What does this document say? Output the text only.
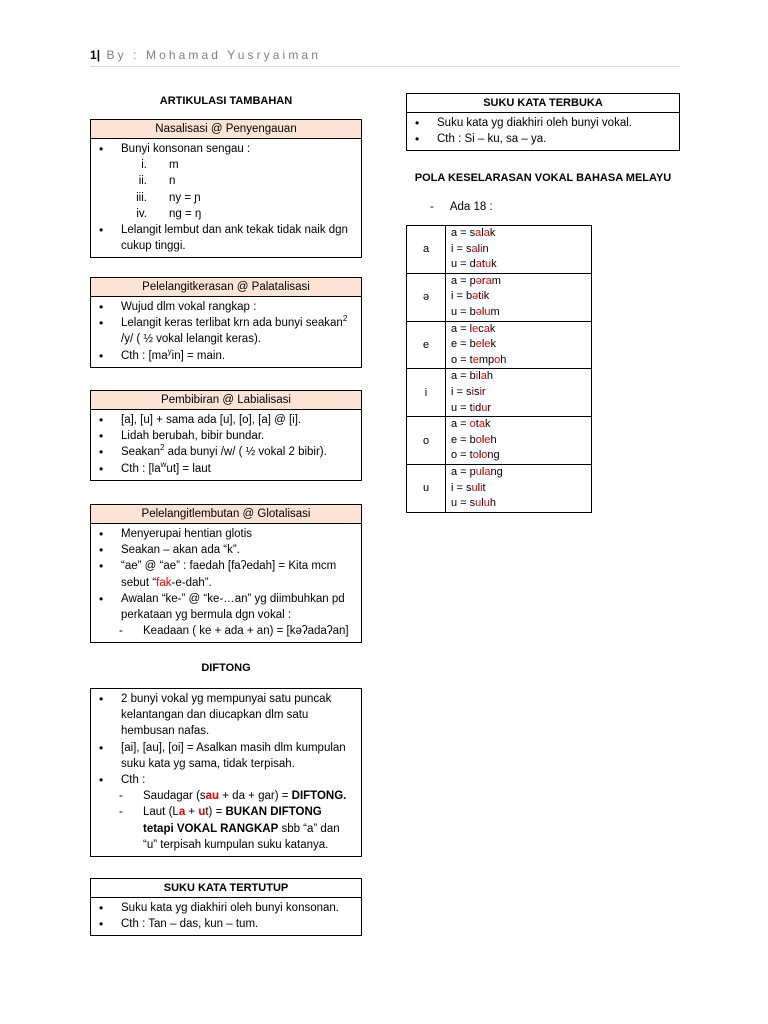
1| By : Mohamad Yusryaiman
ARTIKULASI TAMBAHAN
Nasalisasi @ Penyengauan
• Bunyi konsonan sengau :
i. m
ii. n
iii. ny = ɲ
iv. ng = ŋ
• Lelangit lembut dan ank tekak tidak naik dgn cukup tinggi.
Pelelangitkerasan @ Palatalisasi
• Wujud dlm vokal rangkap :
• Lelangit keras terlibat krn ada bunyi seakan$^2$ /y/ ( ½ vokal lelangit keras).
• Cth : $[ma^yin]$ = main.
Pembibiran @ Labialisasi
• [a], [u] + sama ada [u], [o], [a] @ [i].
• Lidah berubah, bibir bundar.
• Seakan$^2$ ada bunyi /w/ ( ½ vokal 2 bibir).
• Cth : $[la^wut]$ = laut
Pelelangitlembutan @ Glotalisasi
• Menyerupai hentian glotis
• Seakan – akan ada “k”.
• “ae” @ “ae” : faedah [faʔedah] = Kita mcm sebut “fak-e-dah”.
• Awalan “ke-” @ “ke-…an” yg diimbuhkan pd perkataan yg bermula dgn vokal :
- Keadaan ( ke + ada + an) = [kəʔadaʔan]
DIFTONG
• 2 bunyi vokal yg mempunyai satu puncak kelantangan dan diucapkan dlm satu hembusan nafas.
• [ai], [au], [oi] = Asalkan masih dlm kumpulan suku kata yg sama, tidak terpisah.
• Cth :
- Saudagar (sau + da + gar) = DIFTONG.
- Laut (La + ut) = BUKAN DIFTONG tetapi VOKAL RANGKAP sbb “a” dan “u” terpisah kumpulan suku katanya.
SUKU KATA TERTUTUP
• Suku kata yg diakhiri oleh bunyi konsonan.
• Cth : Tan – das, kun – tum.
SUKU KATA TERBUKA
• Suku kata yg diakhiri oleh bunyi vokal.
• Cth : Si – ku, sa – ya.
POLA KESELARASAN VOKAL BAHASA MELAYU
- Ada 18 :
a	a = salak
i = salin
u = datuk

ə	a = pəram
i = bətik
u = bəlum

e	a = lecak
e = belek
o = tempoh

i	a = bilah
i = sisir
u = tidur

o	a = otak
e = boleh
o = tolong

u	a = pulang
i = sulit
u = suluh
